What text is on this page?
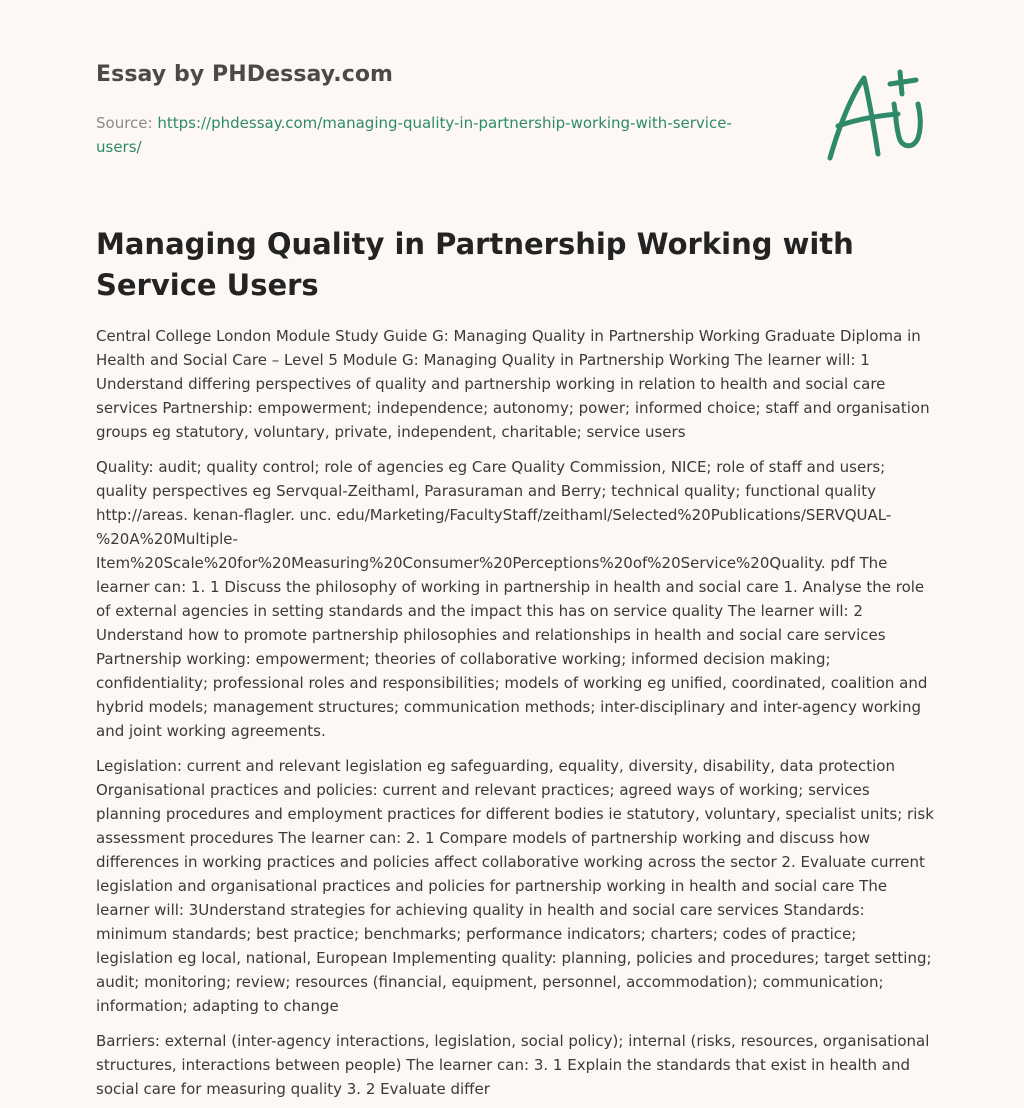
Essay by PHDessay.com
Source: https://phdessay.com/managing-quality-in-partnership-working-with-service-users/
Managing Quality in Partnership Working with Service Users

Central College London Module Study Guide G: Managing Quality in Partnership Working Graduate Diploma in Health and Social Care – Level 5 Module G: Managing Quality in Partnership Working The learner will: 1 Understand differing perspectives of quality and partnership working in relation to health and social care services Partnership: empowerment; independence; autonomy; power; informed choice; staff and organisation groups eg statutory, voluntary, private, independent, charitable; service users

Quality: audit; quality control; role of agencies eg Care Quality Commission, NICE; role of staff and users; quality perspectives eg Servqual-Zeithaml, Parasuraman and Berry; technical quality; functional quality http://areas. kenan-flagler. unc. edu/Marketing/FacultyStaff/zeithaml/Selected%20Publications/SERVQUAL-%20A%20Multiple-Item%20Scale%20for%20Measuring%20Consumer%20Perceptions%20of%20Service%20Quality. pdf The learner can: 1. 1 Discuss the philosophy of working in partnership in health and social care 1. Analyse the role of external agencies in setting standards and the impact this has on service quality The learner will: 2 Understand how to promote partnership philosophies and relationships in health and social care services Partnership working: empowerment; theories of collaborative working; informed decision making; confidentiality; professional roles and responsibilities; models of working eg unified, coordinated, coalition and hybrid models; management structures; communication methods; inter-disciplinary and inter-agency working and joint working agreements.

Legislation: current and relevant legislation eg safeguarding, equality, diversity, disability, data protection Organisational practices and policies: current and relevant practices; agreed ways of working; services planning procedures and employment practices for different bodies ie statutory, voluntary, specialist units; risk assessment procedures The learner can: 2. 1 Compare models of partnership working and discuss how differences in working practices and policies affect collaborative working across the sector 2. Evaluate current legislation and organisational practices and policies for partnership working in health and social care The learner will: 3Understand strategies for achieving quality in health and social care services Standards: minimum standards; best practice; benchmarks; performance indicators; charters; codes of practice; legislation eg local, national, European Implementing quality: planning, policies and procedures; target setting; audit; monitoring; review; resources (financial, equipment, personnel, accommodation); communication; information; adapting to change

Barriers: external (inter-agency interactions, legislation, social policy); internal (risks, resources, organisational structures, interactions between people) The learner can: 3. 1 Explain the standards that exist in health and social care for measuring quality 3. 2 Evaluate differ
